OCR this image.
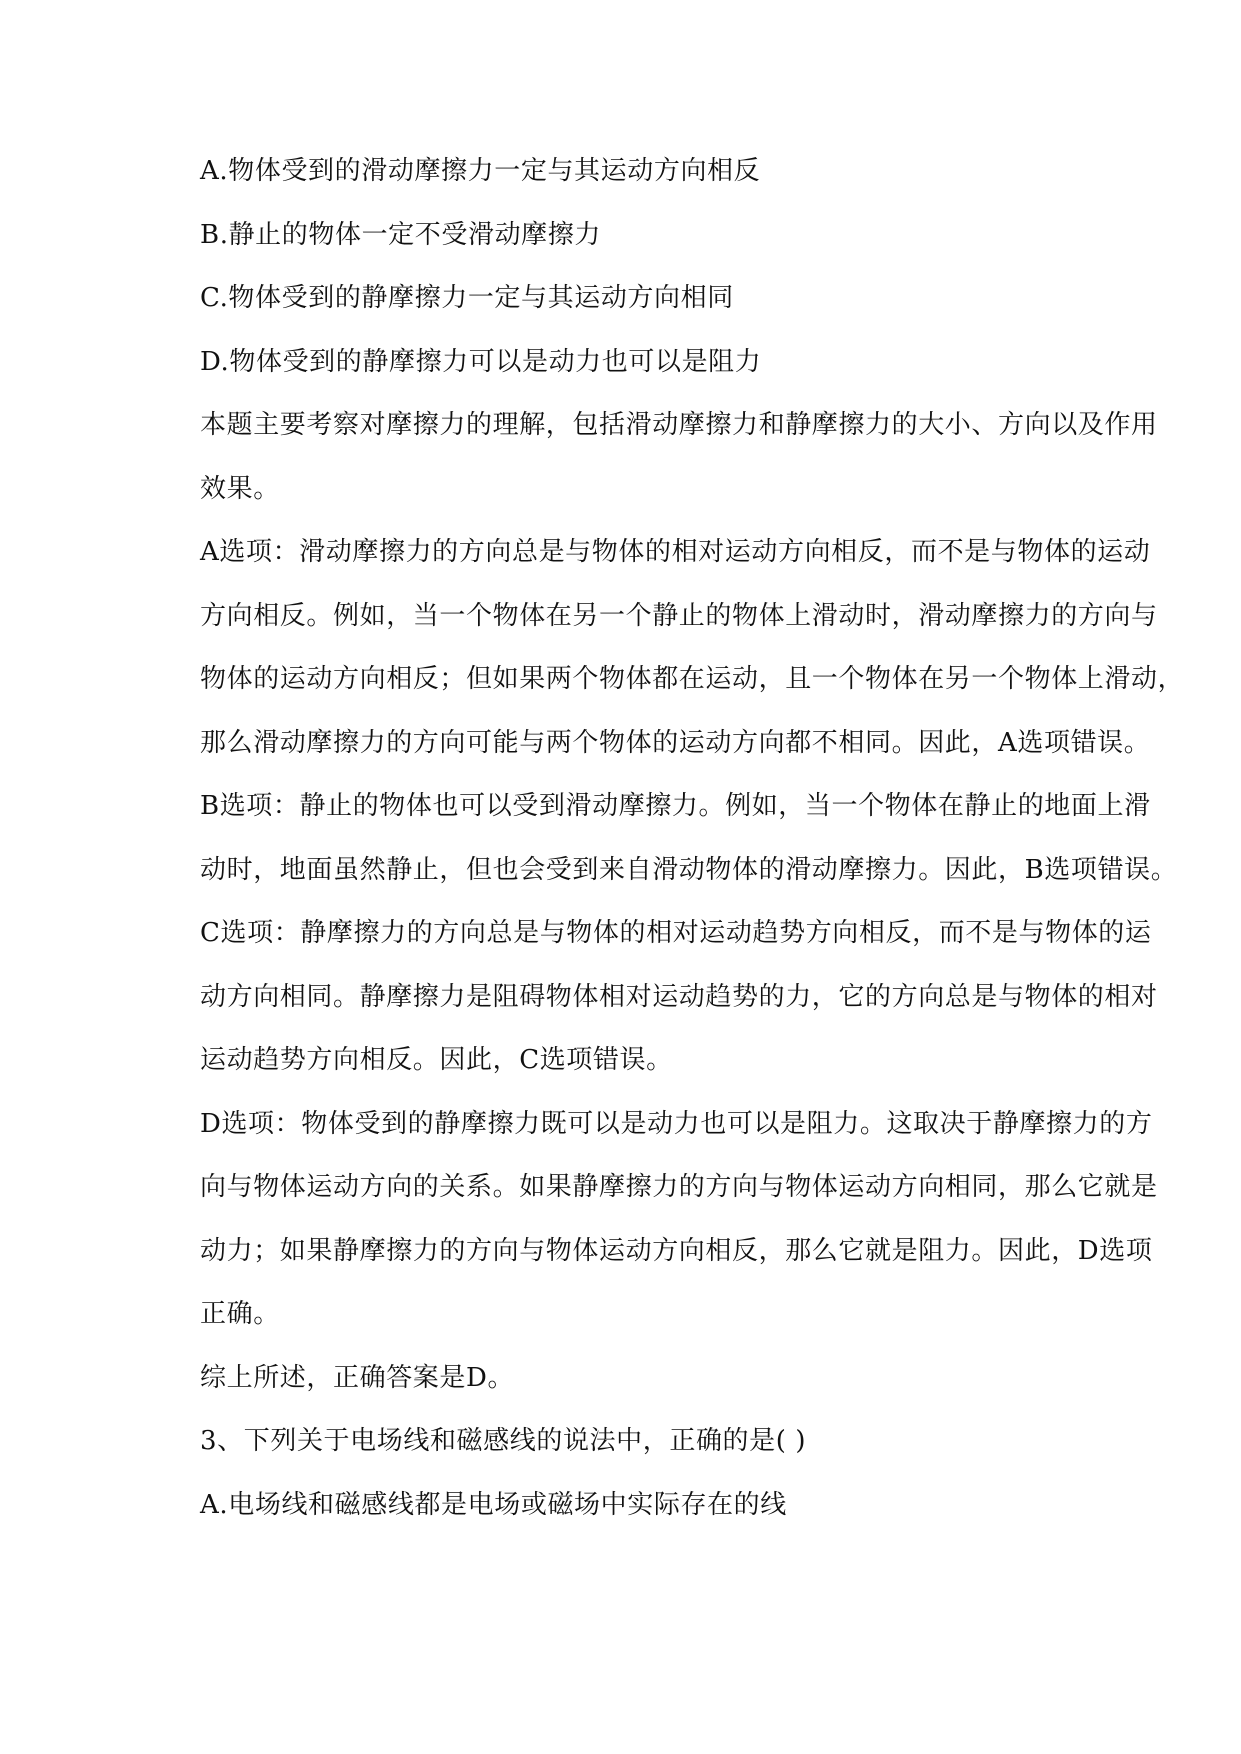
A.物体受到的滑动摩擦力一定与其运动方向相反
B.静止的物体一定不受滑动摩擦力
C.物体受到的静摩擦力一定与其运动方向相同
D.物体受到的静摩擦力可以是动力也可以是阻力
本题主要考察对摩擦力的理解，包括滑动摩擦力和静摩擦力的大小、方向以及作用
效果。
A选项：滑动摩擦力的方向总是与物体的相对运动方向相反，而不是与物体的运动
方向相反。例如，当一个物体在另一个静止的物体上滑动时，滑动摩擦力的方向与
物体的运动方向相反；但如果两个物体都在运动，且一个物体在另一个物体上滑动，
那么滑动摩擦力的方向可能与两个物体的运动方向都不相同。因此，A选项错误。
B选项：静止的物体也可以受到滑动摩擦力。例如，当一个物体在静止的地面上滑
动时，地面虽然静止，但也会受到来自滑动物体的滑动摩擦力。因此，B选项错误。
C选项：静摩擦力的方向总是与物体的相对运动趋势方向相反，而不是与物体的运
动方向相同。静摩擦力是阻碍物体相对运动趋势的力，它的方向总是与物体的相对
运动趋势方向相反。因此，C选项错误。
D选项：物体受到的静摩擦力既可以是动力也可以是阻力。这取决于静摩擦力的方
向与物体运动方向的关系。如果静摩擦力的方向与物体运动方向相同，那么它就是
动力；如果静摩擦力的方向与物体运动方向相反，那么它就是阻力。因此，D选项
正确。
综上所述，正确答案是D。
3、下列关于电场线和磁感线的说法中，正确的是( )
A.电场线和磁感线都是电场或磁场中实际存在的线
